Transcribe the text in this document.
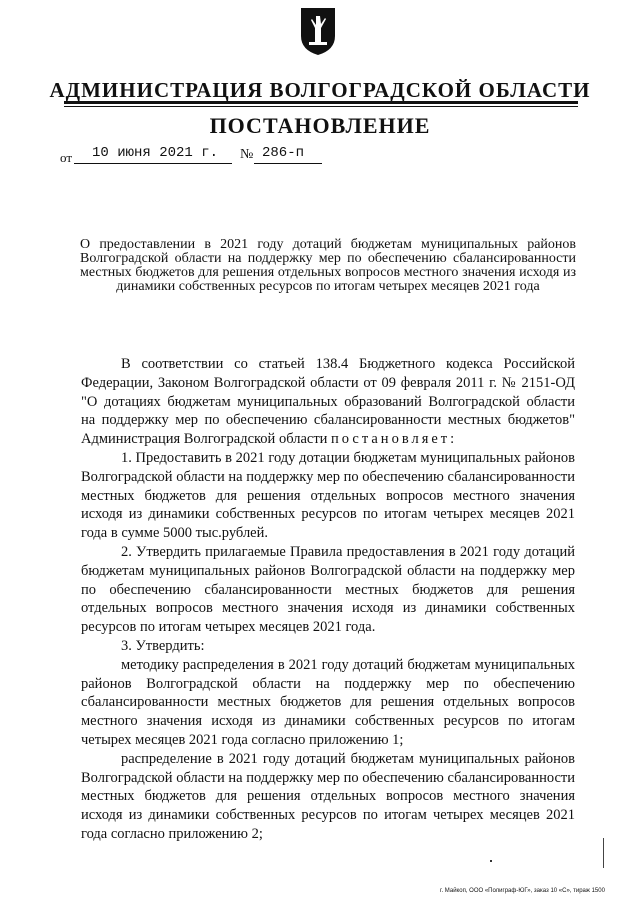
АДМИНИСТРАЦИЯ ВОЛГОГРАДСКОЙ ОБЛАСТИ
ПОСТАНОВЛЕНИЕ
от 10 июня 2021 г. № 286-п
О предоставлении в 2021 году дотаций бюджетам муниципальных районов Волгоградской области на поддержку мер по обеспечению сбалансированности местных бюджетов для решения отдельных вопросов местного значения исходя из динамики собственных ресурсов по итогам четырех месяцев 2021 года

В соответствии со статьей 138.4 Бюджетного кодекса Российской Федерации, Законом Волгоградской области от 09 февраля 2011 г. № 2151-ОД "О дотациях бюджетам муниципальных образований Волгоградской области на поддержку мер по обеспечению сбалансированности местных бюджетов" Администрация Волгоградской области постановляет:

1. Предоставить в 2021 году дотации бюджетам муниципальных районов Волгоградской области на поддержку мер по обеспечению сбалансированности местных бюджетов для решения отдельных вопросов местного значения исходя из динамики собственных ресурсов по итогам четырех месяцев 2021 года в сумме 5000 тыс.рублей.

2. Утвердить прилагаемые Правила предоставления в 2021 году дотаций бюджетам муниципальных районов Волгоградской области на поддержку мер по обеспечению сбалансированности местных бюджетов для решения отдельных вопросов местного значения исходя из динамики собственных ресурсов по итогам четырех месяцев 2021 года.

3. Утвердить:

методику распределения в 2021 году дотаций бюджетам муниципальных районов Волгоградской области на поддержку мер по обеспечению сбалансированности местных бюджетов для решения отдельных вопросов местного значения исходя из динамики собственных ресурсов по итогам четырех месяцев 2021 года согласно приложению 1;

распределение в 2021 году дотаций бюджетам муниципальных районов Волгоградской области на поддержку мер по обеспечению сбалансированности местных бюджетов для решения отдельных вопросов местного значения исходя из динамики собственных ресурсов по итогам четырех месяцев 2021 года согласно приложению 2;

г. Майкоп, ООО «Полиграф-ЮГ», заказ 10 «С», тираж 1500
